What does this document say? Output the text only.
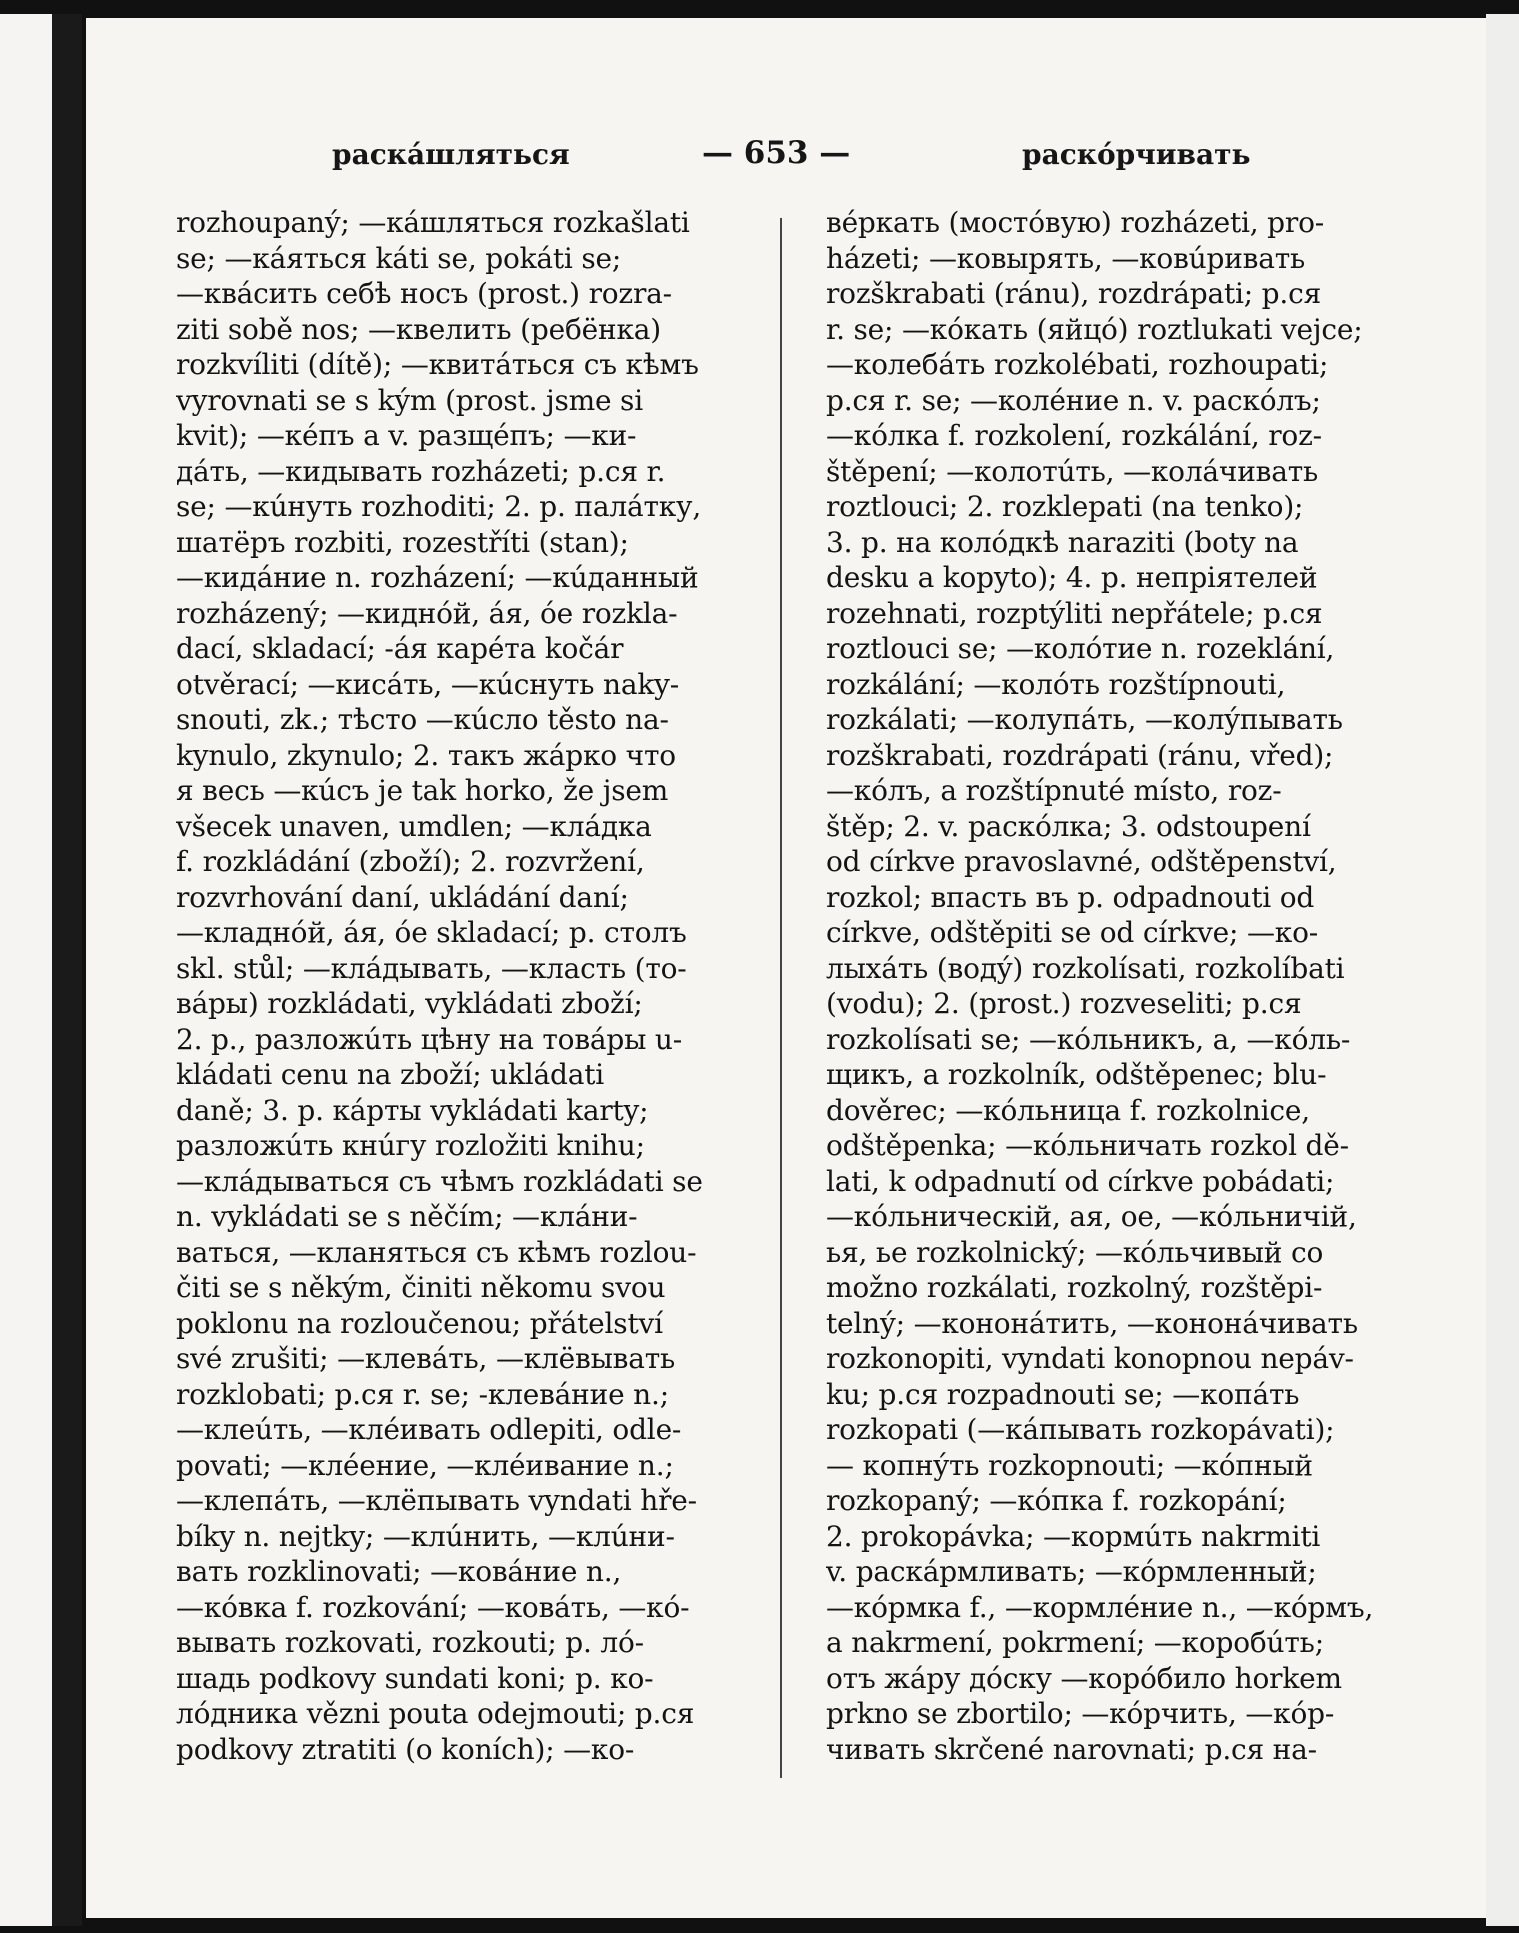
раскáшляться	— 653 —	раскóрчивать
rozhoupaný; —кáшляться rozkašlati
se; —кáяться káti se, pokáti se;
—квáсить себѣ носъ (prost.) rozra-
ziti sobě nos; —квелить (ребёнка)
rozkvíliti (dítě); —квитáться съ кѣмъ
vyrovnati se s kým (prost. jsme si
kvit); —кéпъ a v. разщéпъ; —ки-
дáть, —кидывать rozházeti; р.ся r.
se; —кúнуть rozhoditi; 2. р. палáтку,
шатёръ rozbiti, rozestříti (stan);
—кидáние n. rozházení; —кúданный
rozházený; —киднóй, áя, óe rozkla-
dací, skladací; -áя карéта kočár
otvěrací; —кисáть, —кúснуть naky-
snouti, zk.; тѣсто —кúсло těsto na-
kynulo, zkynulo; 2. такъ жáрко что
я весь —кúсъ je tak horko, že jsem
všecek unaven, umdlen; —клáдка
f. rozkládání (zboží); 2. rozvržení,
rozvrhování daní, ukládání daní;
—кладнóй, áя, óe skladací; р. столъ
skl. stůl; —клáдывать, —класть (то-
вáры) rozkládati, vykládati zboží;
2. р., разложúть цѣну на товáры u-
kládati cenu na zboží; ukládati
daně; 3. р. кáрты vykládati karty;
разложúть кнúгу rozložiti knihu;
—клáдываться съ чѣмъ rozkládati se
n. vykládati se s něčím; —клáни-
ваться, —кланяться съ кѣмъ rozlou-
čiti se s někým, činiti někomu svou
poklonu na rozloučenou; přátelství
své zrušiti; —клевáть, —клёвывать
rozklobati; р.ся r. se; -клевáние n.;
—клеúть, —клéивать odlepiti, odle-
povati; —клéение, —клéивание n.;
—клепáть, —клёпывать vyndati hře-
bíky n. nejtky; —клúнить, —клúни-
вать rozklinovati; —ковáние n.,
—кóвка f. rozkování; —ковáть, —кó-
вывать rozkovati, rozkouti; р. лó-
шадь podkovy sundati koni; р. ко-
лóдника vězni pouta odejmouti; р.ся
podkovy ztratiti (o koních); —ко-
вéркать (мостóвую) rozházeti, pro-
házeti; —ковырять, —ковúривать
rozškrabati (ránu), rozdrápati; р.ся
r. se; —кóкать (яйцó) roztlukati vejce;
—колебáть rozkolébati, rozhoupati;
р.ся r. se; —колéние n. v. раскóлъ;
—кóлка f. rozkolení, rozkálání, roz-
štěpení; —колотúть, —колáчивать
roztlouci; 2. rozklepati (na tenko);
3. р. на колóдкѣ naraziti (boty na
desku a kopyto); 4. р. непріятелей
rozehnati, rozptýliti nepřátele; р.ся
roztlouci se; —колóтие n. rozeklání,
rozkálání; —колóть rozštípnouti,
rozkálati; —колупáть, —колýпывать
rozškrabati, rozdrápati (ránu, vřed);
—кóлъ, a rozštípnuté místo, roz-
štěp; 2. v. раскóлка; 3. odstoupení
od církve pravoslavné, odštěpenství,
rozkol; впасть въ р. odpadnouti od
církve, odštěpiti se od církve; —ко-
лыхáть (водý) rozkolísati, rozkolíbati
(vodu); 2. (prost.) rozveseliti; р.ся
rozkolísati se; —кóльникъ, a, —кóль-
щикъ, a rozkolník, odštěpenec; blu-
dověrec; —кóльница f. rozkolnice,
odštěpenka; —кóльничать rozkol dě-
lati, k odpadnutí od církve pobádati;
—кóльническій, ая, ое, —кóльничій,
ья, ье rozkolnický; —кóльчивый co
možno rozkálati, rozkolný, rozštěpi-
telný; —кононáтить, —кононáчивать
rozkonopiti, vyndati konopnou nepáv-
ku; р.ся rozpadnouti se; —копáть
rozkopati (—кáпывать rozkopávati);
— копнýть rozkopnouti; —кóпный
rozkopaný; —кóпка f. rozkopání;
2. prokopávka; —кормúть nakrmiti
v. раскáрмливать; —кóрмленный;
—кóрмка f., —кормлéние n., —кóрмъ,
a nakrmení, pokrmení; —коробúть;
отъ жáру дóску —корóбило horkem
prkno se zbortilo; —кóрчить, —кóр-
чивать skrčené narovnati; р.ся на-
